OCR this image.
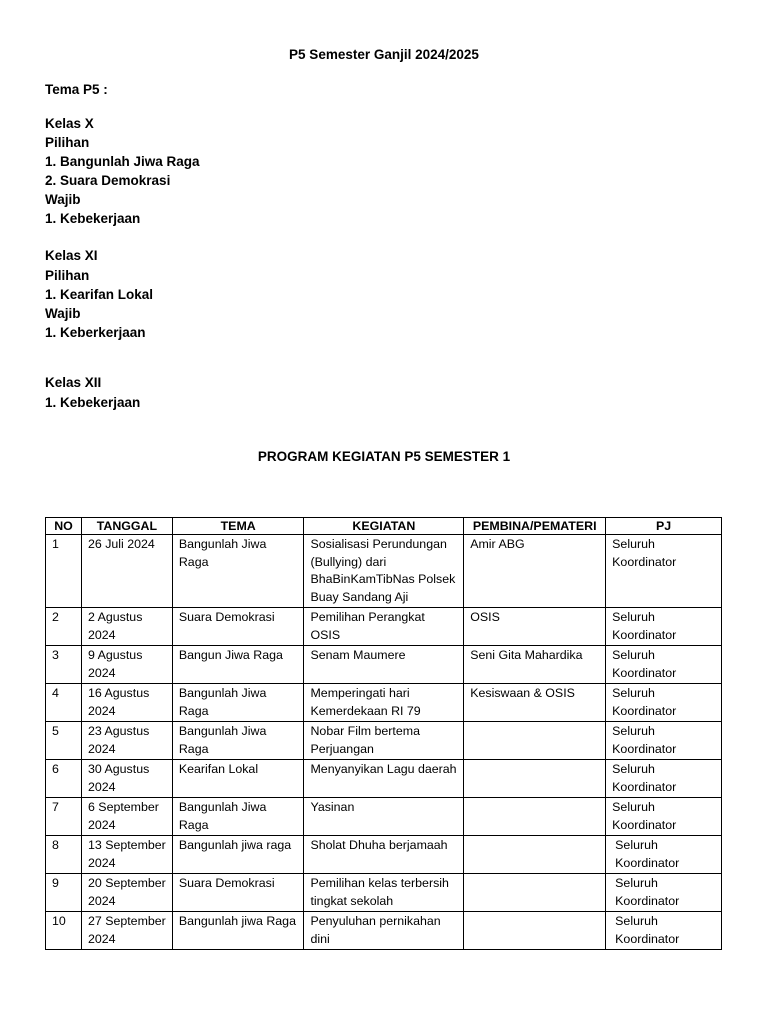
P5 Semester Ganjil 2024/2025
Tema P5 :
Kelas X
Pilihan
1. Bangunlah Jiwa Raga
2. Suara Demokrasi
Wajib
1. Kebekerjaan
Kelas XI
Pilihan
1. Kearifan Lokal
Wajib
1. Keberkerjaan
Kelas XII
1. Kebekerjaan
PROGRAM KEGIATAN P5 SEMESTER 1
NO	TANGGAL	TEMA	KEGIATAN	PEMBINA/PEMATERI	PJ
1	26 Juli 2024	Bangunlah Jiwa Raga	Sosialisasi Perundungan (Bullying) dari BhaBinKamTibNas Polsek Buay Sandang Aji	Amir ABG	Seluruh Koordinator
2	2 Agustus 2024	Suara Demokrasi	Pemilihan Perangkat OSIS	OSIS	Seluruh Koordinator
3	9 Agustus 2024	Bangun Jiwa Raga	Senam Maumere	Seni Gita Mahardika	Seluruh Koordinator
4	16 Agustus 2024	Bangunlah Jiwa Raga	Memperingati hari Kemerdekaan RI 79	Kesiswaan & OSIS	Seluruh Koordinator
5	23 Agustus 2024	Bangunlah Jiwa Raga	Nobar Film bertema Perjuangan		Seluruh Koordinator
6	30 Agustus 2024	Kearifan Lokal	Menyanyikan Lagu daerah		Seluruh Koordinator
7	6 September 2024	Bangunlah Jiwa Raga	Yasinan		Seluruh Koordinator
8	13 September 2024	Bangunlah jiwa raga	Sholat Dhuha berjamaah		Seluruh Koordinator
9	20 September 2024	Suara Demokrasi	Pemilihan kelas terbersih tingkat sekolah		Seluruh Koordinator
10	27 September 2024	Bangunlah jiwa Raga	Penyuluhan pernikahan dini		Seluruh Koordinator
